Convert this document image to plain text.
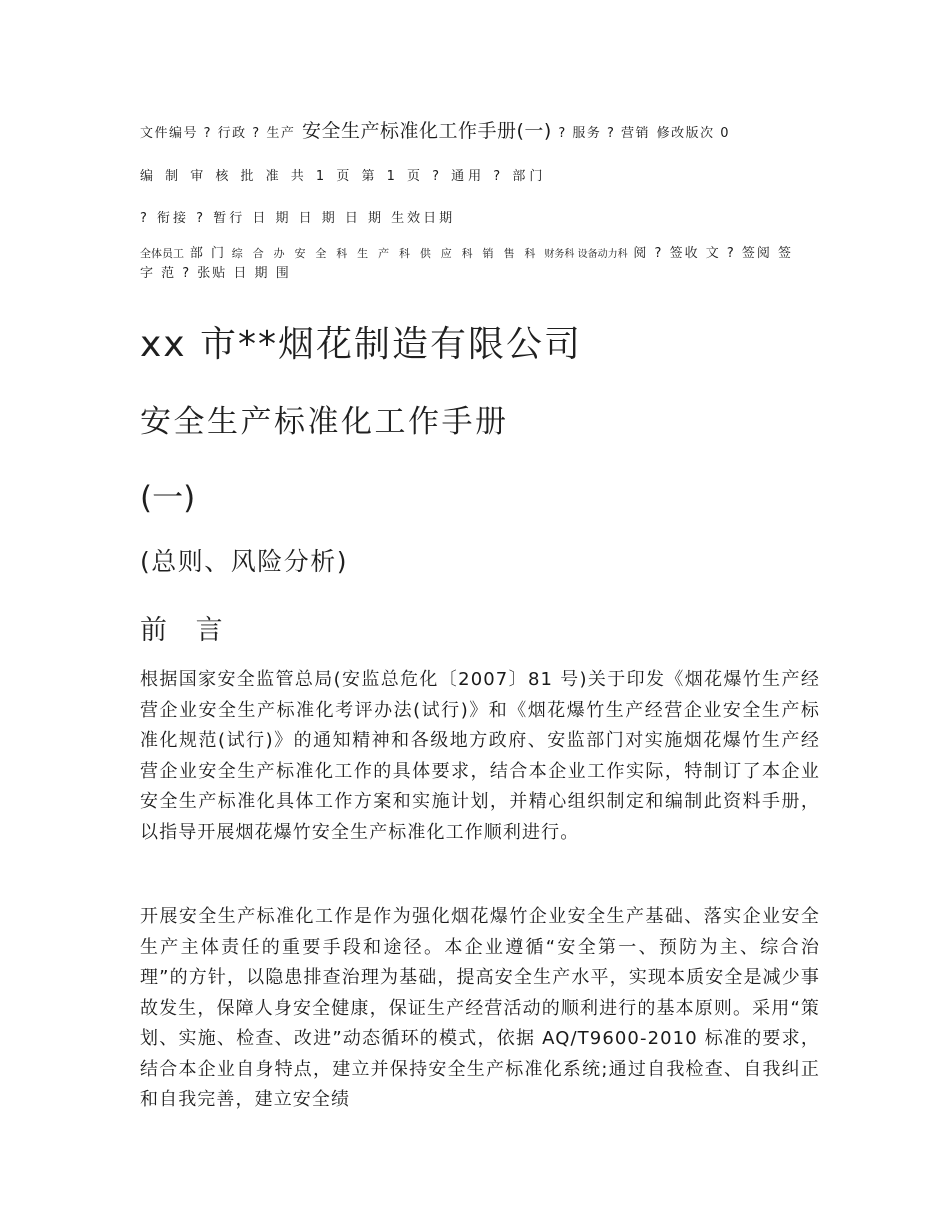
文件编号 ? 行政 ? 生产 安全生产标准化工作手册(一) ? 服务 ? 营销 修改版次 0
编 制 审 核 批 准 共 1 页 第 1 页 ? 通用 ? 部门
? 衔接 ? 暂行 日 期 日 期 日 期 生效日期
全体员工 部 门 综 合 办 安 全 科 生 产 科 供 应 科 销 售 科 财务科 设备动力科 阅 ? 签收 文 ? 签阅 签 字 范 ? 张贴 日 期 围
xx 市**烟花制造有限公司
安全生产标准化工作手册
(一)
(总则、风险分析)
前 言

根据国家安全监管总局(安监总危化〔2007〕81 号)关于印发《烟花爆竹生产经营企业安全生产标准化考评办法(试行)》和《烟花爆竹生产经营企业安全生产标准化规范(试行)》的通知精神和各级地方政府、安监部门对实施烟花爆竹生产经营企业安全生产标准化工作的具体要求，结合本企业工作实际，特制订了本企业安全生产标准化具体工作方案和实施计划，并精心组织制定和编制此资料手册，以指导开展烟花爆竹安全生产标准化工作顺利进行。

开展安全生产标准化工作是作为强化烟花爆竹企业安全生产基础、落实企业安全生产主体责任的重要手段和途径。本企业遵循“安全第一、预防为主、综合治理”的方针，以隐患排查治理为基础，提高安全生产水平，实现本质安全是减少事故发生，保障人身安全健康，保证生产经营活动的顺利进行的基本原则。采用“策划、实施、检查、改进”动态循环的模式，依据 AQ/T9600-2010 标准的要求，结合本企业自身特点，建立并保持安全生产标准化系统;通过自我检查、自我纠正和自我完善，建立安全绩
